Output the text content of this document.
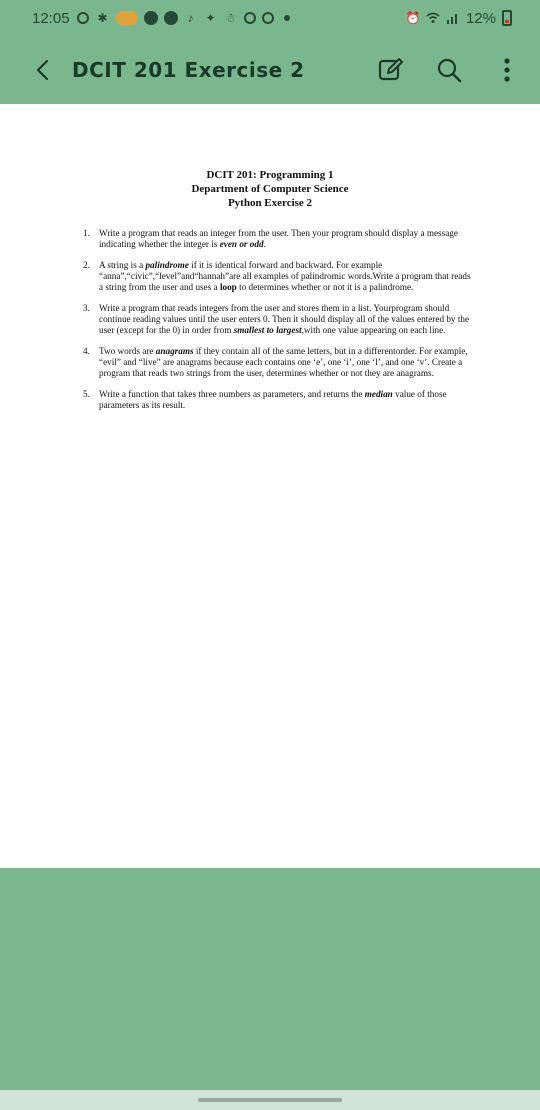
12:05 ✱	♪ ✦ ☃	⏰	12%
DCIT 201 Exercise 2
DCIT 201: Programming 1
Department of Computer Science
Python Exercise 2
1. Write a program that reads an integer from the user. Then your program should display a message indicating whether the integer is even or odd.
2. A string is a palindrome if it is identical forward and backward. For example “anna”,“civic”,“level”and“hannah”are all examples of palindromic words.Write a program that reads a string from the user and uses a loop to determines whether or not it is a palindrome.
3. Write a program that reads integers from the user and stores them in a list. Yourprogram should continue reading values until the user enters 0. Then it should display all of the values entered by the user (except for the 0) in order from smallest to largest,with one value appearing on each line.
4. Two words are anagrams if they contain all of the same letters, but in a differentorder. For example, “evil” and “live” are anagrams because each contains one ‘e’, one ‘i’, one ‘l’, and one ‘v’. Create a program that reads two strings from the user, determines whether or not they are anagrams.
5. Write a function that takes three numbers as parameters, and returns the median value of those parameters as its result.
